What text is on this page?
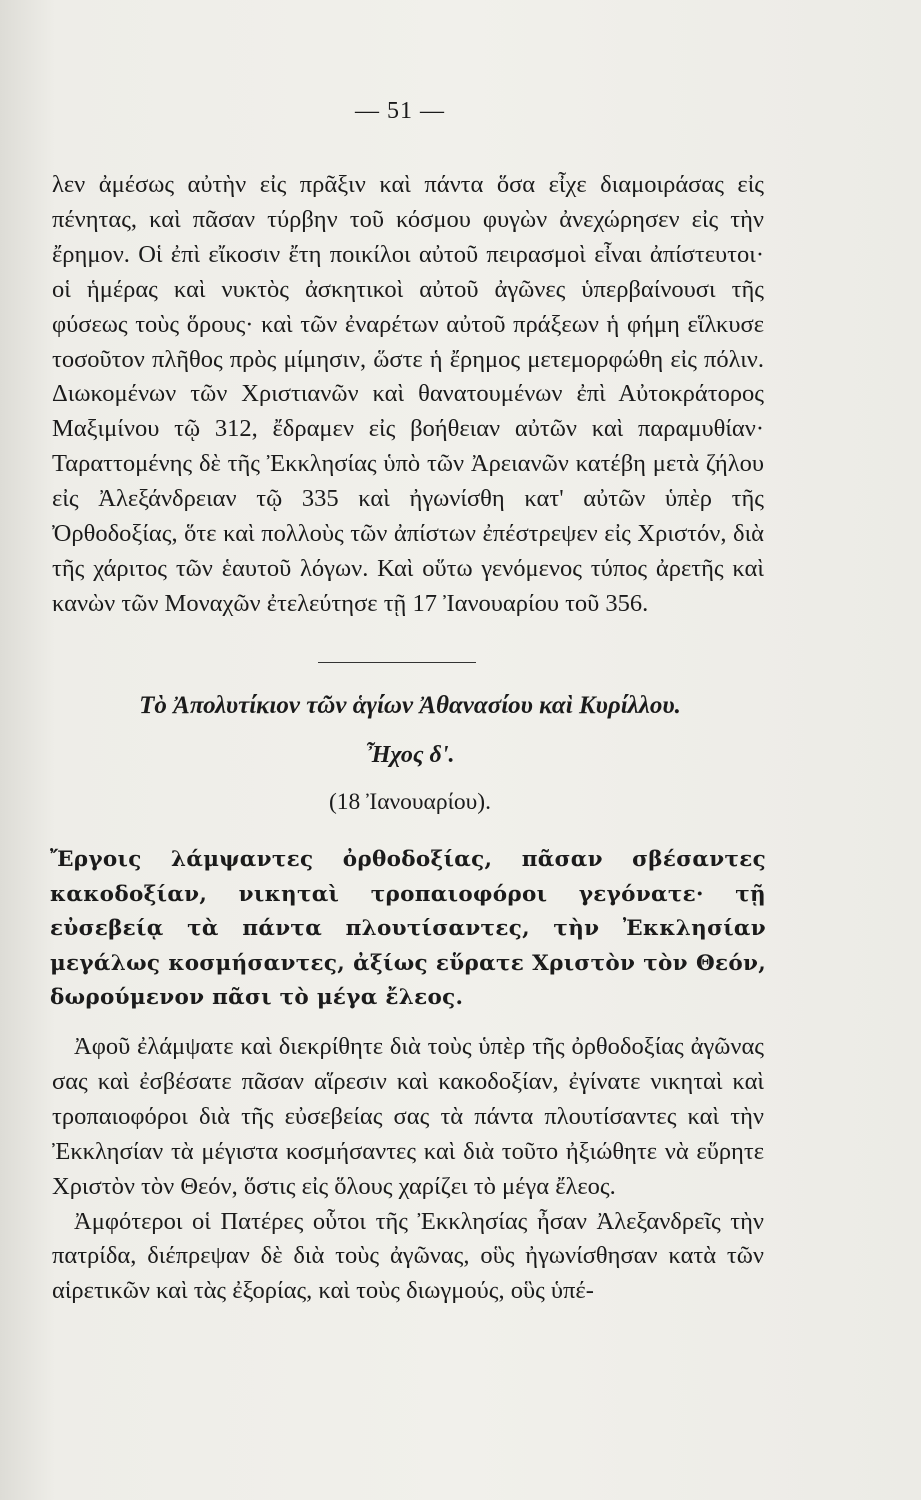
— 51 —

λεν ἀμέσως αὐτὴν εἰς πρᾶξιν καὶ πάντα ὅσα εἶχε διαμοιράσας εἰς πένητας, καὶ πᾶσαν τύρβην τοῦ κόσμου φυγὼν ἀνεχώρησεν εἰς τὴν ἔρημον. Οἱ ἐπὶ εἴκοσιν ἔτη ποικίλοι αὐτοῦ πειρασμοὶ εἶναι ἀπίστευτοι· οἱ ἡμέρας καὶ νυκτὸς ἀσκητικοὶ αὐτοῦ ἀγῶνες ὑπερβαίνουσι τῆς φύσεως τοὺς ὅρους· καὶ τῶν ἐναρέτων αὐτοῦ πράξεων ἡ φήμη εἵλκυσε τοσοῦτον πλῆθος πρὸς μίμησιν, ὥστε ἡ ἔρημος μετεμορφώθη εἰς πόλιν. Διωκομένων τῶν Χριστιανῶν καὶ θανατουμένων ἐπὶ Αὐτοκράτορος Μαξιμίνου τῷ 312, ἔδραμεν εἰς βοήθειαν αὐτῶν καὶ παραμυθίαν· Ταραττομένης δὲ τῆς Ἐκκλησίας ὑπὸ τῶν Ἀρειανῶν κατέβη μετὰ ζήλου εἰς Ἀλεξάνδρειαν τῷ 335 καὶ ἠγωνίσθη κατ' αὐτῶν ὑπὲρ τῆς Ὀρθοδοξίας, ὅτε καὶ πολλοὺς τῶν ἀπίστων ἐπέστρεψεν εἰς Χριστόν, διὰ τῆς χάριτος τῶν ἑαυτοῦ λόγων. Καὶ οὕτω γενόμενος τύπος ἀρετῆς καὶ κανὼν τῶν Μοναχῶν ἐτελεύτησε τῇ 17 Ἰανουαρίου τοῦ 356.

Τὸ Ἀπολυτίκιον τῶν ἁγίων Ἀθανασίου καὶ Κυρίλλου.
Ἦχος δ'.
(18 Ἰανουαρίου).
Ἔργοις λάμψαντες ὀρθοδοξίας, πᾶσαν σβέσαντες κακοδοξίαν, νικηταὶ τροπαιοφόροι γεγόνατε· τῇ εὐσεβείᾳ τὰ πάντα πλουτίσαντες, τὴν Ἐκκλησίαν μεγάλως κοσμήσαντες, ἀξίως εὕρατε Χριστὸν τὸν Θεόν, δωρούμενον πᾶσι τὸ μέγα ἔλεος.

Ἀφοῦ ἐλάμψατε καὶ διεκρίθητε διὰ τοὺς ὑπὲρ τῆς ὀρθοδοξίας ἀγῶνας σας καὶ ἐσβέσατε πᾶσαν αἵρεσιν καὶ κακοδοξίαν, ἐγίνατε νικηταὶ καὶ τροπαιοφόροι διὰ τῆς εὐσεβείας σας τὰ πάντα πλουτίσαντες καὶ τὴν Ἐκκλησίαν τὰ μέγιστα κοσμήσαντες καὶ διὰ τοῦτο ἠξιώθητε νὰ εὕρητε Χριστὸν τὸν Θεόν, ὅστις εἰς ὅλους χαρίζει τὸ μέγα ἔλεος.

Ἀμφότεροι οἱ Πατέρες οὗτοι τῆς Ἐκκλησίας ἦσαν Ἀλεξανδρεῖς τὴν πατρίδα, διέπρεψαν δὲ διὰ τοὺς ἀγῶνας, οὓς ἠγωνίσθησαν κατὰ τῶν αἱρετικῶν καὶ τὰς ἐξορίας, καὶ τοὺς διωγμούς, οὓς ὑπέ-
